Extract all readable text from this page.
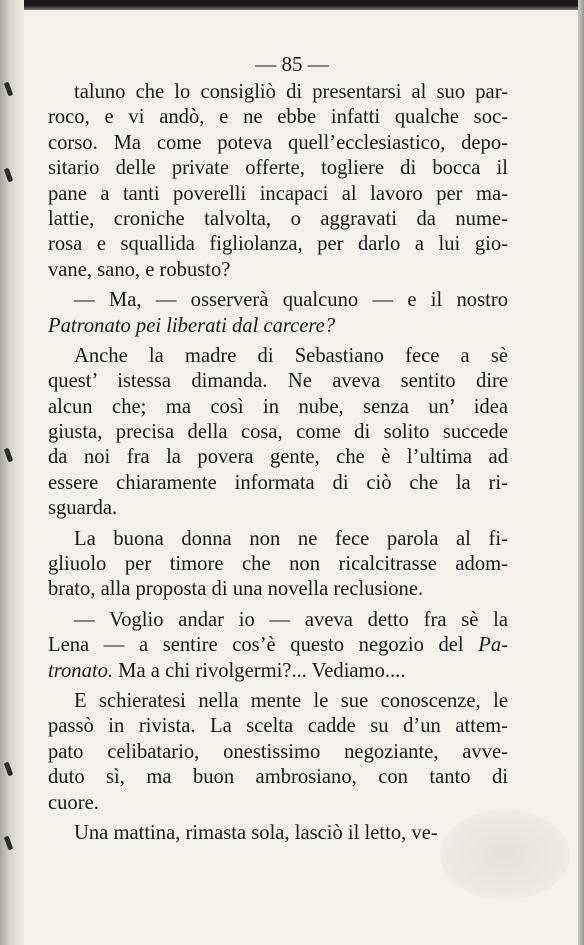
— 85 —
taluno che lo consigliò di presentarsi al suo par-
roco, e vi andò, e ne ebbe infatti qualche soc-
corso. Ma come poteva quell’ecclesiastico, depo-
sitario delle private offerte, togliere di bocca il
pane a tanti poverelli incapaci al lavoro per ma-
lattie, croniche talvolta, o aggravati da nume-
rosa e squallida figliolanza, per darlo a lui gio-
vane, sano, e robusto?
— Ma, — osserverà qualcuno — e il nostro
Patronato pei liberati dal carcere?
Anche la madre di Sebastiano fece a sè
quest’ istessa dimanda. Ne aveva sentito dire
alcun che; ma così in nube, senza un’ idea
giusta, precisa della cosa, come di solito succede
da noi fra la povera gente, che è l’ultima ad
essere chiaramente informata di ciò che la ri-
sguarda.
La buona donna non ne fece parola al fi-
gliuolo per timore che non ricalcitrasse adom-
brato, alla proposta di una novella reclusione.
— Voglio andar io — aveva detto fra sè la
Lena — a sentire cos’è questo negozio del Pa-
tronato. Ma a chi rivolgermi?... Vediamo....
E schieratesi nella mente le sue conoscenze, le
passò in rivista. La scelta cadde su d’un attem-
pato celibatario, onestissimo negoziante, avve-
duto sì, ma buon ambrosiano, con tanto di
cuore.
Una mattina, rimasta sola, lasciò il letto, ve-
